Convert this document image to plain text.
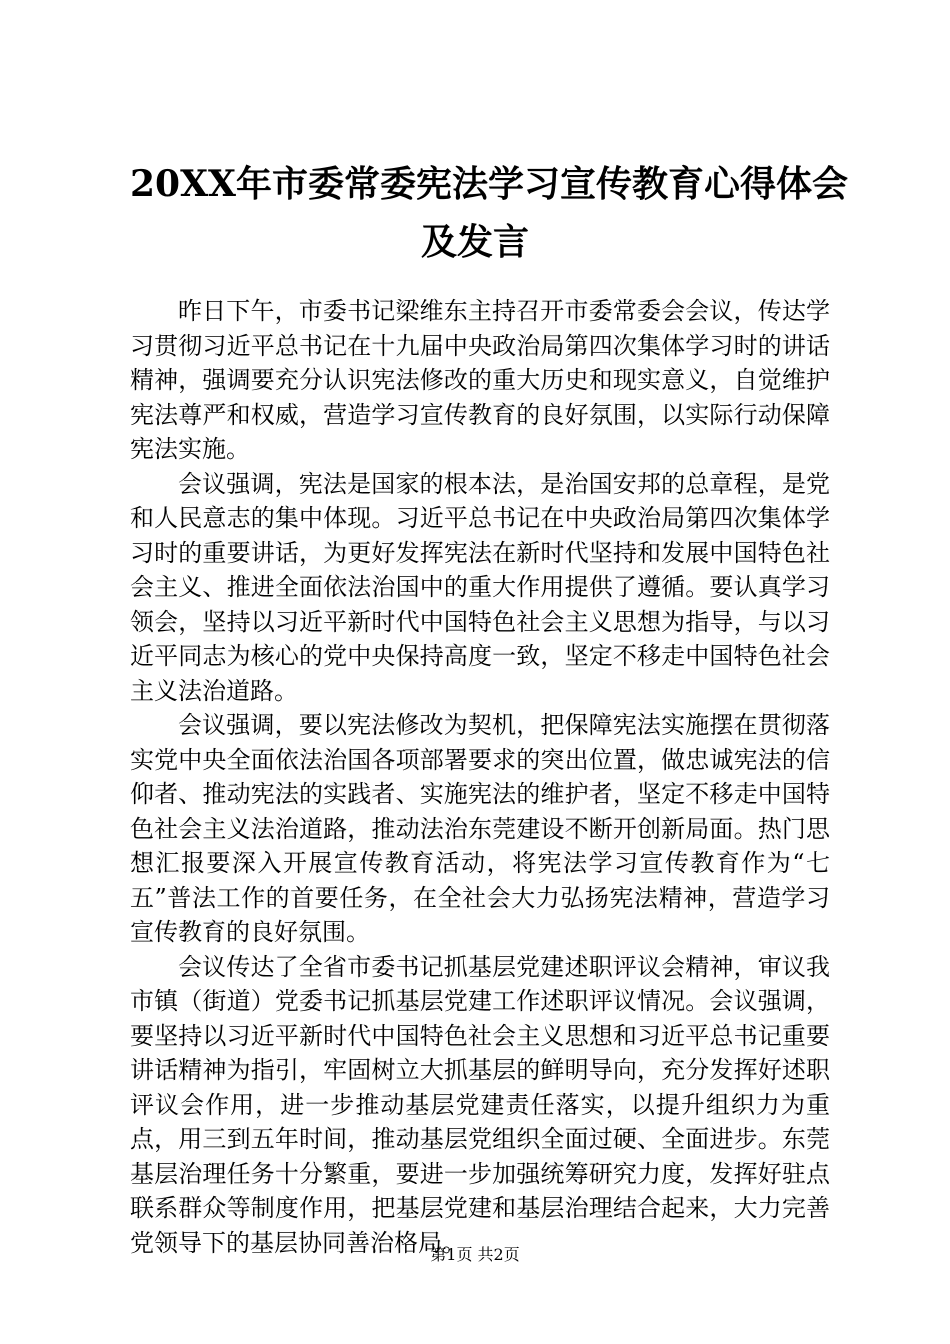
20XX年市委常委宪法学习宣传教育心得体会
及发言

昨日下午，市委书记梁维东主持召开市委常委会会议，传达学习贯彻习近平总书记在十九届中央政治局第四次集体学习时的讲话精神，强调要充分认识宪法修改的重大历史和现实意义，自觉维护宪法尊严和权威，营造学习宣传教育的良好氛围，以实际行动保障宪法实施。

会议强调，宪法是国家的根本法，是治国安邦的总章程，是党和人民意志的集中体现。习近平总书记在中央政治局第四次集体学习时的重要讲话，为更好发挥宪法在新时代坚持和发展中国特色社会主义、推进全面依法治国中的重大作用提供了遵循。要认真学习领会，坚持以习近平新时代中国特色社会主义思想为指导，与以习近平同志为核心的党中央保持高度一致，坚定不移走中国特色社会主义法治道路。

会议强调，要以宪法修改为契机，把保障宪法实施摆在贯彻落实党中央全面依法治国各项部署要求的突出位置，做忠诚宪法的信仰者、推动宪法的实践者、实施宪法的维护者，坚定不移走中国特色社会主义法治道路，推动法治东莞建设不断开创新局面。热门思想汇报要深入开展宣传教育活动，将宪法学习宣传教育作为“七五”普法工作的首要任务，在全社会大力弘扬宪法精神，营造学习宣传教育的良好氛围。

会议传达了全省市委书记抓基层党建述职评议会精神，审议我市镇（街道）党委书记抓基层党建工作述职评议情况。会议强调，要坚持以习近平新时代中国特色社会主义思想和习近平总书记重要讲话精神为指引，牢固树立大抓基层的鲜明导向，充分发挥好述职评议会作用，进一步推动基层党建责任落实，以提升组织力为重点，用三到五年时间，推动基层党组织全面过硬、全面进步。东莞基层治理任务十分繁重，要进一步加强统筹研究力度，发挥好驻点联系群众等制度作用，把基层党建和基层治理结合起来，大力完善党领导下的基层协同善治格局。

第1页 共2页
